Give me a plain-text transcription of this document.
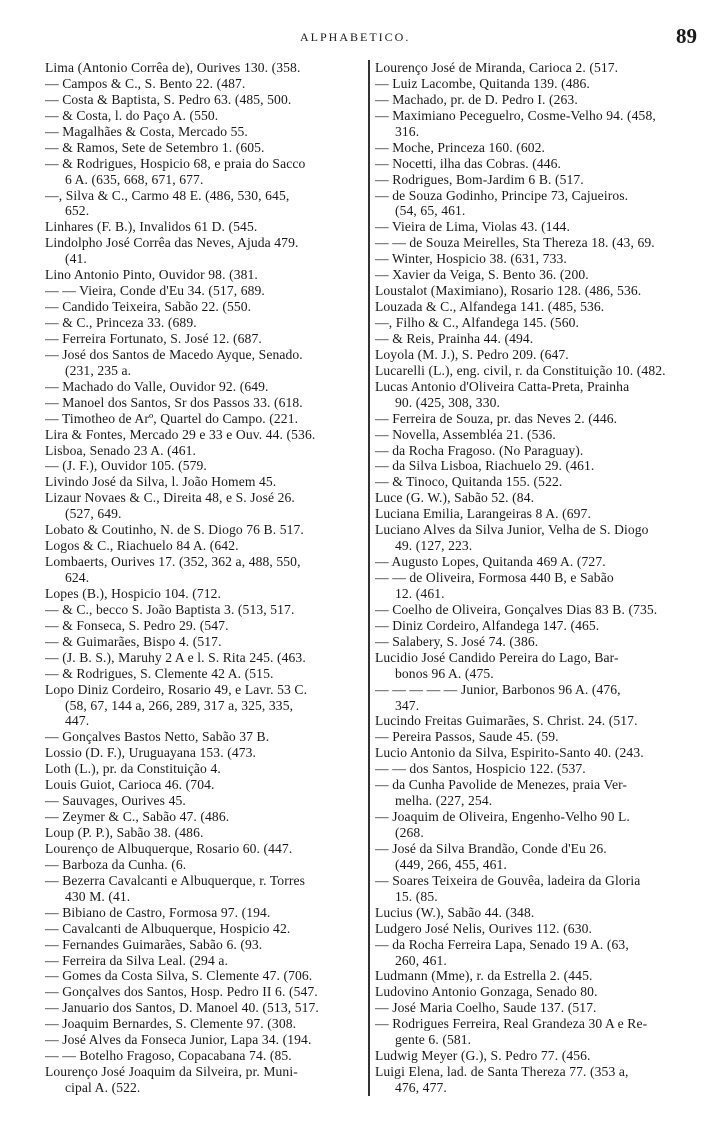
ALPHABETICO.	89
Lima (Antonio Corrêa de), Ourives 130. (358.
— Campos & C., S. Bento 22. (487.
— Costa & Baptista, S. Pedro 63. (485, 500.
— & Costa, l. do Paço A. (550.
— Magalhães & Costa, Mercado 55.
— & Ramos, Sete de Setembro 1. (605.
— & Rodrigues, Hospicio 68, e praia do Sacco
6 A. (635, 668, 671, 677.
—, Silva & C., Carmo 48 E. (486, 530, 645,
652.
Linhares (F. B.), Invalidos 61 D. (545.
Lindolpho José Corrêa das Neves, Ajuda 479.
(41.
Lino Antonio Pinto, Ouvidor 98. (381.
— — Vieira, Conde d'Eu 34. (517, 689.
— Candido Teixeira, Sabão 22. (550.
— & C., Princeza 33. (689.
— Ferreira Fortunato, S. José 12. (687.
— José dos Santos de Macedo Ayque, Senado.
(231, 235 a.
— Machado do Valle, Ouvidor 92. (649.
— Manoel dos Santos, Sr dos Passos 33. (618.
— Timotheo de Arº, Quartel do Campo. (221.
Lira & Fontes, Mercado 29 e 33 e Ouv. 44. (536.
Lisboa, Senado 23 A. (461.
— (J. F.), Ouvidor 105. (579.
Livindo José da Silva, l. João Homem 45.
Lizaur Novaes & C., Direita 48, e S. José 26.
(527, 649.
Lobato & Coutinho, N. de S. Diogo 76 B. 517.
Logos & C., Riachuelo 84 A. (642.
Lombaerts, Ourives 17. (352, 362 a, 488, 550,
624.
Lopes (B.), Hospicio 104. (712.
— & C., becco S. João Baptista 3. (513, 517.
— & Fonseca, S. Pedro 29. (547.
— & Guimarães, Bispo 4. (517.
— (J. B. S.), Maruhy 2 A e l. S. Rita 245. (463.
— & Rodrigues, S. Clemente 42 A. (515.
Lopo Diniz Cordeiro, Rosario 49, e Lavr. 53 C.
(58, 67, 144 a, 266, 289, 317 a, 325, 335,
447.
— Gonçalves Bastos Netto, Sabão 37 B.
Lossio (D. F.), Uruguayana 153. (473.
Loth (L.), pr. da Constituição 4.
Louis Guiot, Carioca 46. (704.
— Sauvages, Ourives 45.
— Zeymer & C., Sabão 47. (486.
Loup (P. P.), Sabão 38. (486.
Lourenço de Albuquerque, Rosario 60. (447.
— Barboza da Cunha. (6.
— Bezerra Cavalcanti e Albuquerque, r. Torres
430 M. (41.
— Bibiano de Castro, Formosa 97. (194.
— Cavalcanti de Albuquerque, Hospicio 42.
— Fernandes Guimarães, Sabão 6. (93.
— Ferreira da Silva Leal. (294 a.
— Gomes da Costa Silva, S. Clemente 47. (706.
— Gonçalves dos Santos, Hosp. Pedro II 6. (547.
— Januario dos Santos, D. Manoel 40. (513, 517.
— Joaquim Bernardes, S. Clemente 97. (308.
— José Alves da Fonseca Junior, Lapa 34. (194.
— — Botelho Fragoso, Copacabana 74. (85.
Lourenço José Joaquim da Silveira, pr. Muni-
cipal A. (522.
Lourenço José de Miranda, Carioca 2. (517.
— Luiz Lacombe, Quitanda 139. (486.
— Machado, pr. de D. Pedro I. (263.
— Maximiano Peceguelro, Cosme-Velho 94. (458,
316.
— Moche, Princeza 160. (602.
— Nocetti, ilha das Cobras. (446.
— Rodrigues, Bom-Jardim 6 B. (517.
— de Souza Godinho, Principe 73, Cajueiros.
(54, 65, 461.
— Vieira de Lima, Violas 43. (144.
— — de Souza Meirelles, Sta Thereza 18. (43, 69.
— Winter, Hospicio 38. (631, 733.
— Xavier da Veiga, S. Bento 36. (200.
Loustalot (Maximiano), Rosario 128. (486, 536.
Louzada & C., Alfandega 141. (485, 536.
—, Filho & C., Alfandega 145. (560.
— & Reis, Prainha 44. (494.
Loyola (M. J.), S. Pedro 209. (647.
Lucarelli (L.), eng. civil, r. da Constituição 10. (482.
Lucas Antonio d'Oliveira Catta-Preta, Prainha
90. (425, 308, 330.
— Ferreira de Souza, pr. das Neves 2. (446.
— Novella, Assembléa 21. (536.
— da Rocha Fragoso. (No Paraguay).
— da Silva Lisboa, Riachuelo 29. (461.
— & Tinoco, Quitanda 155. (522.
Luce (G. W.), Sabão 52. (84.
Luciana Emilia, Larangeiras 8 A. (697.
Luciano Alves da Silva Junior, Velha de S. Diogo
49. (127, 223.
— Augusto Lopes, Quitanda 469 A. (727.
— — de Oliveira, Formosa 440 B, e Sabão
12. (461.
— Coelho de Oliveira, Gonçalves Dias 83 B. (735.
— Diniz Cordeiro, Alfandega 147. (465.
— Salabery, S. José 74. (386.
Lucidio José Candido Pereira do Lago, Bar-
bonos 96 A. (475.
— — — — — Junior, Barbonos 96 A. (476,
347.
Lucindo Freitas Guimarães, S. Christ. 24. (517.
— Pereira Passos, Saude 45. (59.
Lucio Antonio da Silva, Espirito-Santo 40. (243.
— — dos Santos, Hospicio 122. (537.
— da Cunha Pavolide de Menezes, praia Ver-
melha. (227, 254.
— Joaquim de Oliveira, Engenho-Velho 90 L.
(268.
— José da Silva Brandão, Conde d'Eu 26.
(449, 266, 455, 461.
— Soares Teixeira de Gouvêa, ladeira da Gloria
15. (85.
Lucius (W.), Sabão 44. (348.
Ludgero José Nelis, Ourives 112. (630.
— da Rocha Ferreira Lapa, Senado 19 A. (63,
260, 461.
Ludmann (Mme), r. da Estrella 2. (445.
Ludovino Antonio Gonzaga, Senado 80.
— José Maria Coelho, Saude 137. (517.
— Rodrigues Ferreira, Real Grandeza 30 A e Re-
gente 6. (581.
Ludwig Meyer (G.), S. Pedro 77. (456.
Luigi Elena, lad. de Santa Thereza 77. (353 a,
476, 477.
